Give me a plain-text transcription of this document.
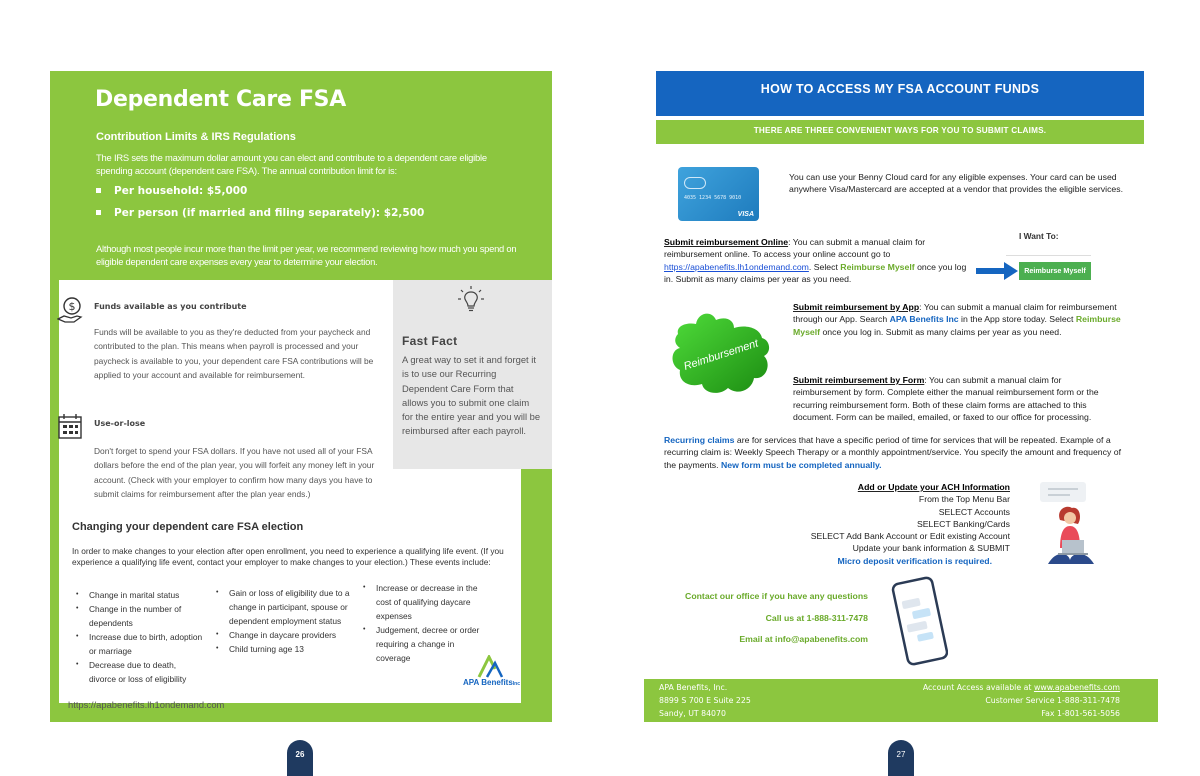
Dependent Care FSA
Contribution Limits & IRS Regulations
The IRS sets the maximum dollar amount you can elect and contribute to a dependent care eligible spending account (dependent care FSA). The annual contribution limit for is:
Per household: $5,000
Per person (if married and filing separately): $2,500
Although most people incur more than the limit per year, we recommend reviewing how much you spend on eligible dependent care expenses every year to determine your election.
$ Funds available as you contribute
Funds will be available to you as they're deducted from your paycheck and contributed to the plan. This means when payroll is processed and your paycheck is available to you, your dependent care FSA contributions will be applied to your account and available for reimbursement.
Use-or-lose
Don't forget to spend your FSA dollars. If you have not used all of your FSA dollars before the end of the plan year, you will forfeit any money left in your account. (Check with your employer to confirm how many days you have to submit claims for reimbursement after the plan year ends.)
Fast Fact
A great way to set it and forget it is to use our Recurring Dependent Care Form that allows you to submit one claim for the entire year and you will be reimbursed after each payroll.
Changing your dependent care FSA election
In order to make changes to your election after open enrollment, you need to experience a qualifying life event. (If you experience a qualifying life event, contact your employer to make changes to your election.) These events include:
• Change in marital status
• Change in the number of dependents
• Increase due to birth, adoption or marriage
• Decrease due to death, divorce or loss of eligibility
• Gain or loss of eligibility due to a change in participant, spouse or dependent employment status
• Change in daycare providers
• Child turning age 13
• Increase or decrease in the cost of qualifying daycare expenses
• Judgement, decree or order requiring a change in coverage
APA BenefitsInc
https://apabenefits.lh1ondemand.com
26
HOW TO ACCESS MY FSA ACCOUNT FUNDS
THERE ARE THREE CONVENIENT WAYS FOR YOU TO SUBMIT CLAIMS.
4035 1234 5678 9010
VISA
You can use your Benny Cloud card for any eligible expenses. Your card can be used anywhere Visa/Mastercard are accepted at a vendor that provides the eligible services.
Submit reimbursement Online: You can submit a manual claim for reimbursement online. To access your online account go to https://apabenefits.lh1ondemand.com. Select Reimburse Myself once you log in. Submit as many claims per year as you need.
I Want To:
Reimburse Myself
Reimbursement
Submit reimbursement by App: You can submit a manual claim for reimbursement through our App. Search APA Benefits Inc in the App store today. Select Reimburse Myself once you log in. Submit as many claims per year as you need.
Submit reimbursement by Form: You can submit a manual claim for reimbursement by form. Complete either the manual reimbursement form or the recurring reimbursement form. Both of these claim forms are attached to this document. Form can be mailed, emailed, or faxed to our office for processing.
Recurring claims are for services that have a specific period of time for services that will be repeated. Example of a recurring claim is: Weekly Speech Therapy or a monthly appointment/service. You specify the amount and frequency of the payments. New form must be completed annually.
Add or Update your ACH Information
From the Top Menu Bar
SELECT Accounts
SELECT Banking/Cards
SELECT Add Bank Account or Edit existing Account
Update your bank information & SUBMIT
Micro deposit verification is required.
Contact our office if you have any questions
Call us at 1-888-311-7478
Email at info@apabenefits.com
APA Benefits, Inc.
8899 S 700 E Suite 225
Sandy, UT 84070
Account Access available at www.apabenefits.com
Customer Service 1-888-311-7478
Fax 1-801-561-5056
27
